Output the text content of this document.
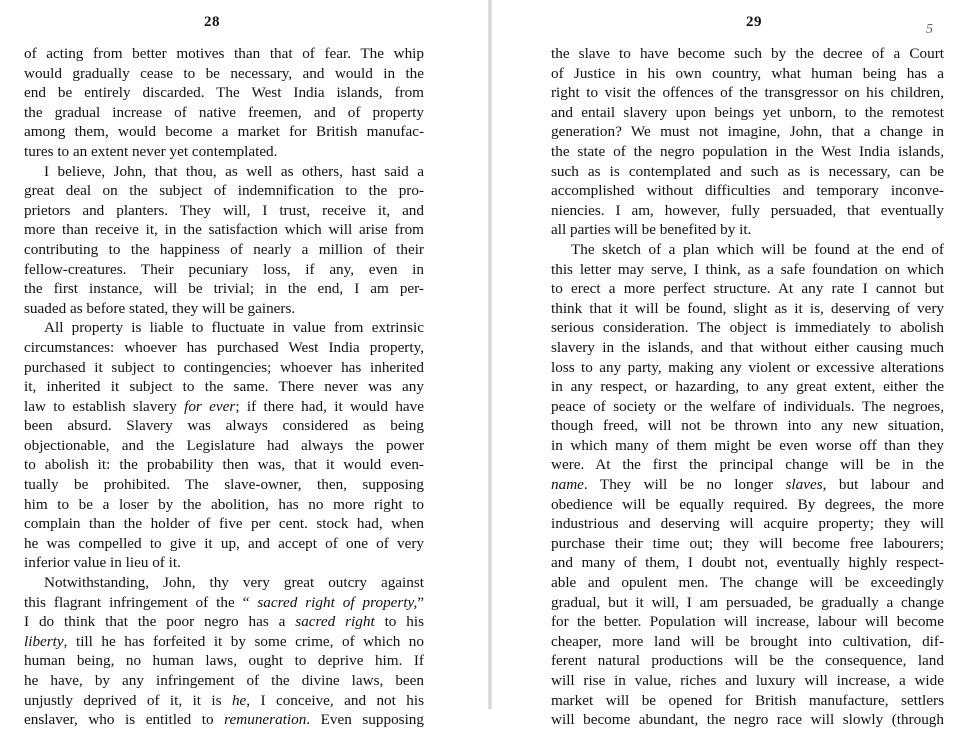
28
of acting from better motives than that of fear. The whip
would gradually cease to be necessary, and would in the
end be entirely discarded. The West India islands, from
the gradual increase of native freemen, and of property
among them, would become a market for British manufac-
tures to an extent never yet contemplated.
I believe, John, that thou, as well as others, hast said a
great deal on the subject of indemnification to the pro-
prietors and planters. They will, I trust, receive it, and
more than receive it, in the satisfaction which will arise from
contributing to the happiness of nearly a million of their
fellow-creatures. Their pecuniary loss, if any, even in
the first instance, will be trivial; in the end, I am per-
suaded as before stated, they will be gainers.
All property is liable to fluctuate in value from extrinsic
circumstances: whoever has purchased West India property,
purchased it subject to contingencies; whoever has inherited
it, inherited it subject to the same. There never was any
law to establish slavery for ever; if there had, it would have
been absurd. Slavery was always considered as being
objectionable, and the Legislature had always the power
to abolish it: the probability then was, that it would even-
tually be prohibited. The slave-owner, then, supposing
him to be a loser by the abolition, has no more right to
complain than the holder of five per cent. stock had, when
he was compelled to give it up, and accept of one of very
inferior value in lieu of it.
Notwithstanding, John, thy very great outcry against
this flagrant infringement of the “ sacred right of property,”
I do think that the poor negro has a sacred right to his
liberty, till he has forfeited it by some crime, of which no
human being, no human laws, ought to deprive him. If
he have, by any infringement of the divine laws, been
unjustly deprived of it, it is he, I conceive, and not his
enslaver, who is entitled to remuneration. Even supposing
29	5
the slave to have become such by the decree of a Court
of Justice in his own country, what human being has a
right to visit the offences of the transgressor on his children,
and entail slavery upon beings yet unborn, to the remotest
generation? We must not imagine, John, that a change in
the state of the negro population in the West India islands,
such as is contemplated and such as is necessary, can be
accomplished without difficulties and temporary inconve-
niencies. I am, however, fully persuaded, that eventually
all parties will be benefited by it.
The sketch of a plan which will be found at the end of
this letter may serve, I think, as a safe foundation on which
to erect a more perfect structure. At any rate I cannot but
think that it will be found, slight as it is, deserving of very
serious consideration. The object is immediately to abolish
slavery in the islands, and that without either causing much
loss to any party, making any violent or excessive alterations
in any respect, or hazarding, to any great extent, either the
peace of society or the welfare of individuals. The negroes,
though freed, will not be thrown into any new situation,
in which many of them might be even worse off than they
were. At the first the principal change will be in the
name. They will be no longer slaves, but labour and
obedience will be equally required. By degrees, the more
industrious and deserving will acquire property; they will
purchase their time out; they will become free labourers;
and many of them, I doubt not, eventually highly respect-
able and opulent men. The change will be exceedingly
gradual, but it will, I am persuaded, be gradually a change
for the better. Population will increase, labour will become
cheaper, more land will be brought into cultivation, dif-
ferent natural productions will be the consequence, land
will rise in value, riches and luxury will increase, a wide
market will be opened for British manufacture, settlers
will become abundant, the negro race will slowly (through
